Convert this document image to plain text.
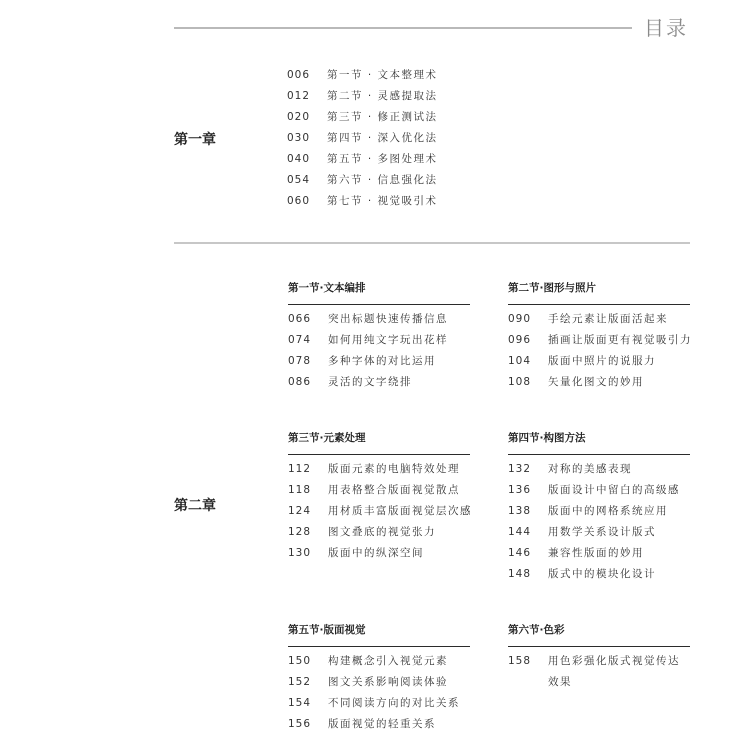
目录
第一章
006 第一节 · 文本整理术
012 第二节 · 灵感提取法
020 第三节 · 修正测试法
030 第四节 · 深入优化法
040 第五节 · 多图处理术
054 第六节 · 信息强化法
060 第七节 · 视觉吸引术
第二章
第一节·文本编排
066 突出标题快速传播信息
074 如何用纯文字玩出花样
078 多种字体的对比运用
086 灵活的文字绕排
第二节·图形与照片
090 手绘元素让版面活起来
096 插画让版面更有视觉吸引力
104 版面中照片的说服力
108 矢量化图文的妙用
第三节·元素处理
112 版面元素的电脑特效处理
118 用表格整合版面视觉散点
124 用材质丰富版面视觉层次感
128 图文叠底的视觉张力
130 版面中的纵深空间
第四节·构图方法
132 对称的美感表现
136 版面设计中留白的高级感
138 版面中的网格系统应用
144 用数学关系设计版式
146 兼容性版面的妙用
148 版式中的模块化设计
第五节·版面视觉
150 构建概念引入视觉元素
152 图文关系影响阅读体验
154 不同阅读方向的对比关系
156 版面视觉的轻重关系
第六节·色彩
158 用色彩强化版式视觉传达效果
